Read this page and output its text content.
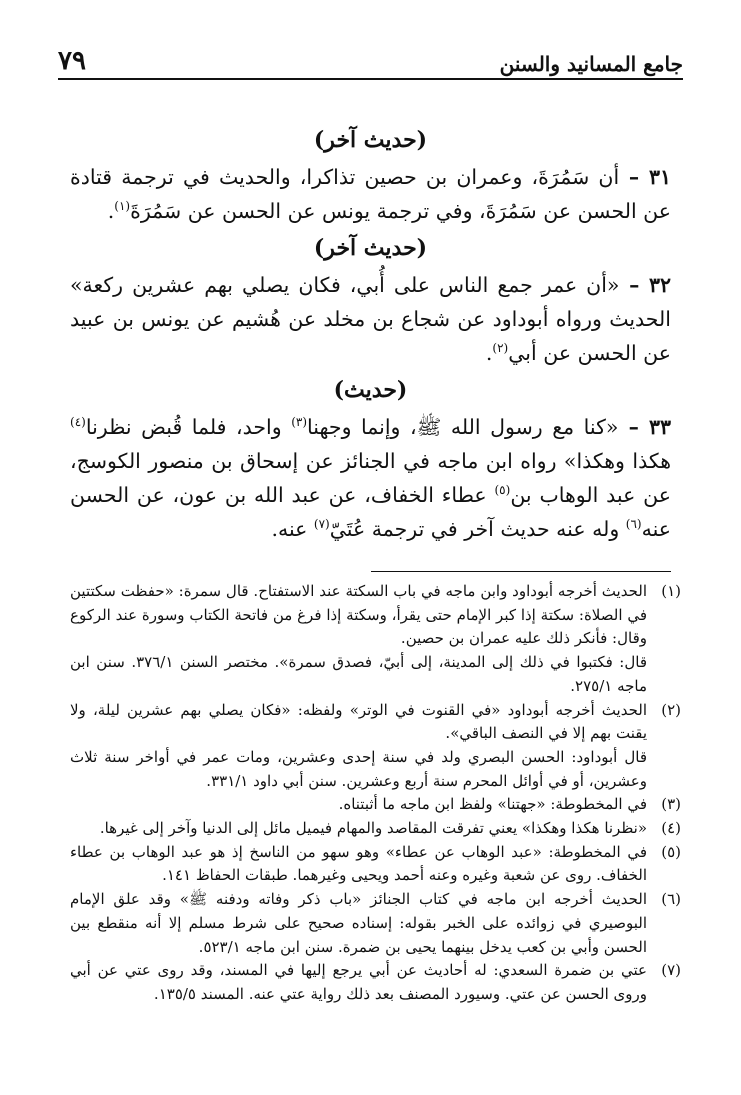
جامع المسانيد والسنن
٧٩
(حديث آخر)

٣١ – أن سَمُرَةَ، وعمران بن حصين تذاكرا، والحديث في ترجمة قتادة عن الحسن عن سَمُرَةَ، وفي ترجمة يونس عن الحسن عن سَمُرَةَ$^{(١)}$.

(حديث آخر)

٣٢ – «أن عمر جمع الناس على أُبي، فكان يصلي بهم عشرين ركعة» الحديث ورواه أبوداود عن شجاع بن مخلد عن هُشيم عن يونس بن عبيد عن الحسن عن أبي$^{(٢)}$.

(حديث)

٣٣ – «كنا مع رسول الله ﷺ، وإنما وجهنا$^{(٣)}$ واحد، فلما قُبض نظرنا$^{(٤)}$ هكذا وهكذا» رواه ابن ماجه في الجنائز عن إسحاق بن منصور الكوسج، عن عبد الوهاب بن$^{(٥)}$ عطاء الخفاف، عن عبد الله بن عون، عن الحسن عنه$^{(٦)}$ وله عنه حديث آخر في ترجمة عُتَيّ$^{(٧)}$ عنه.

(١)

الحديث أخرجه أبوداود وابن ماجه في باب السكتة عند الاستفتاح. قال سمرة: «حفظت سكتتين في الصلاة: سكتة إذا كبر الإمام حتى يقرأ، وسكتة إذا فرغ من فاتحة الكتاب وسورة عند الركوع وقال: فأنكر ذلك عليه عمران بن حصين.

قال: فكتبوا في ذلك إلى المدينة، إلى أبيّ، فصدق سمرة». مختصر السنن ٣٧٦/١. سنن ابن ماجه ٢٧٥/١.

(٢)

الحديث أخرجه أبوداود «في القنوت في الوتر» ولفظه: «فكان يصلي بهم عشرين ليلة، ولا يقنت بهم إلا في النصف الباقي».

قال أبوداود: الحسن البصري ولد في سنة إحدى وعشرين، ومات عمر في أواخر سنة ثلاث وعشرين، أو في أوائل المحرم سنة أربع وعشرين. سنن أبي داود ٣٣١/١.

(٣)

في المخطوطة: «جهتنا» ولفظ ابن ماجه ما أثبتناه.

(٤)

«نظرنا هكذا وهكذا» يعني تفرقت المقاصد والمهام فيميل مائل إلى الدنيا وآخر إلى غيرها.

(٥)

في المخطوطة: «عبد الوهاب عن عطاء» وهو سهو من الناسخ إذ هو عبد الوهاب بن عطاء الخفاف. روى عن شعبة وغيره وعنه أحمد ويحيى وغيرهما. طبقات الحفاظ ١٤١.

(٦)

الحديث أخرجه ابن ماجه في كتاب الجنائز «باب ذكر وفاته ودفنه ﷺ» وقد علق الإمام البوصيري في زوائده على الخبر بقوله: إسناده صحيح على شرط مسلم إلا أنه منقطع بين الحسن وأبي بن كعب يدخل بينهما يحيى بن ضمرة. سنن ابن ماجه ٥٢٣/١.

(٧)

عتي بن ضمرة السعدي: له أحاديث عن أبي يرجع إليها في المسند، وقد روى عتي عن أبي وروى الحسن عن عتي. وسيورد المصنف بعد ذلك رواية عتي عنه. المسند ١٣٥/٥.
